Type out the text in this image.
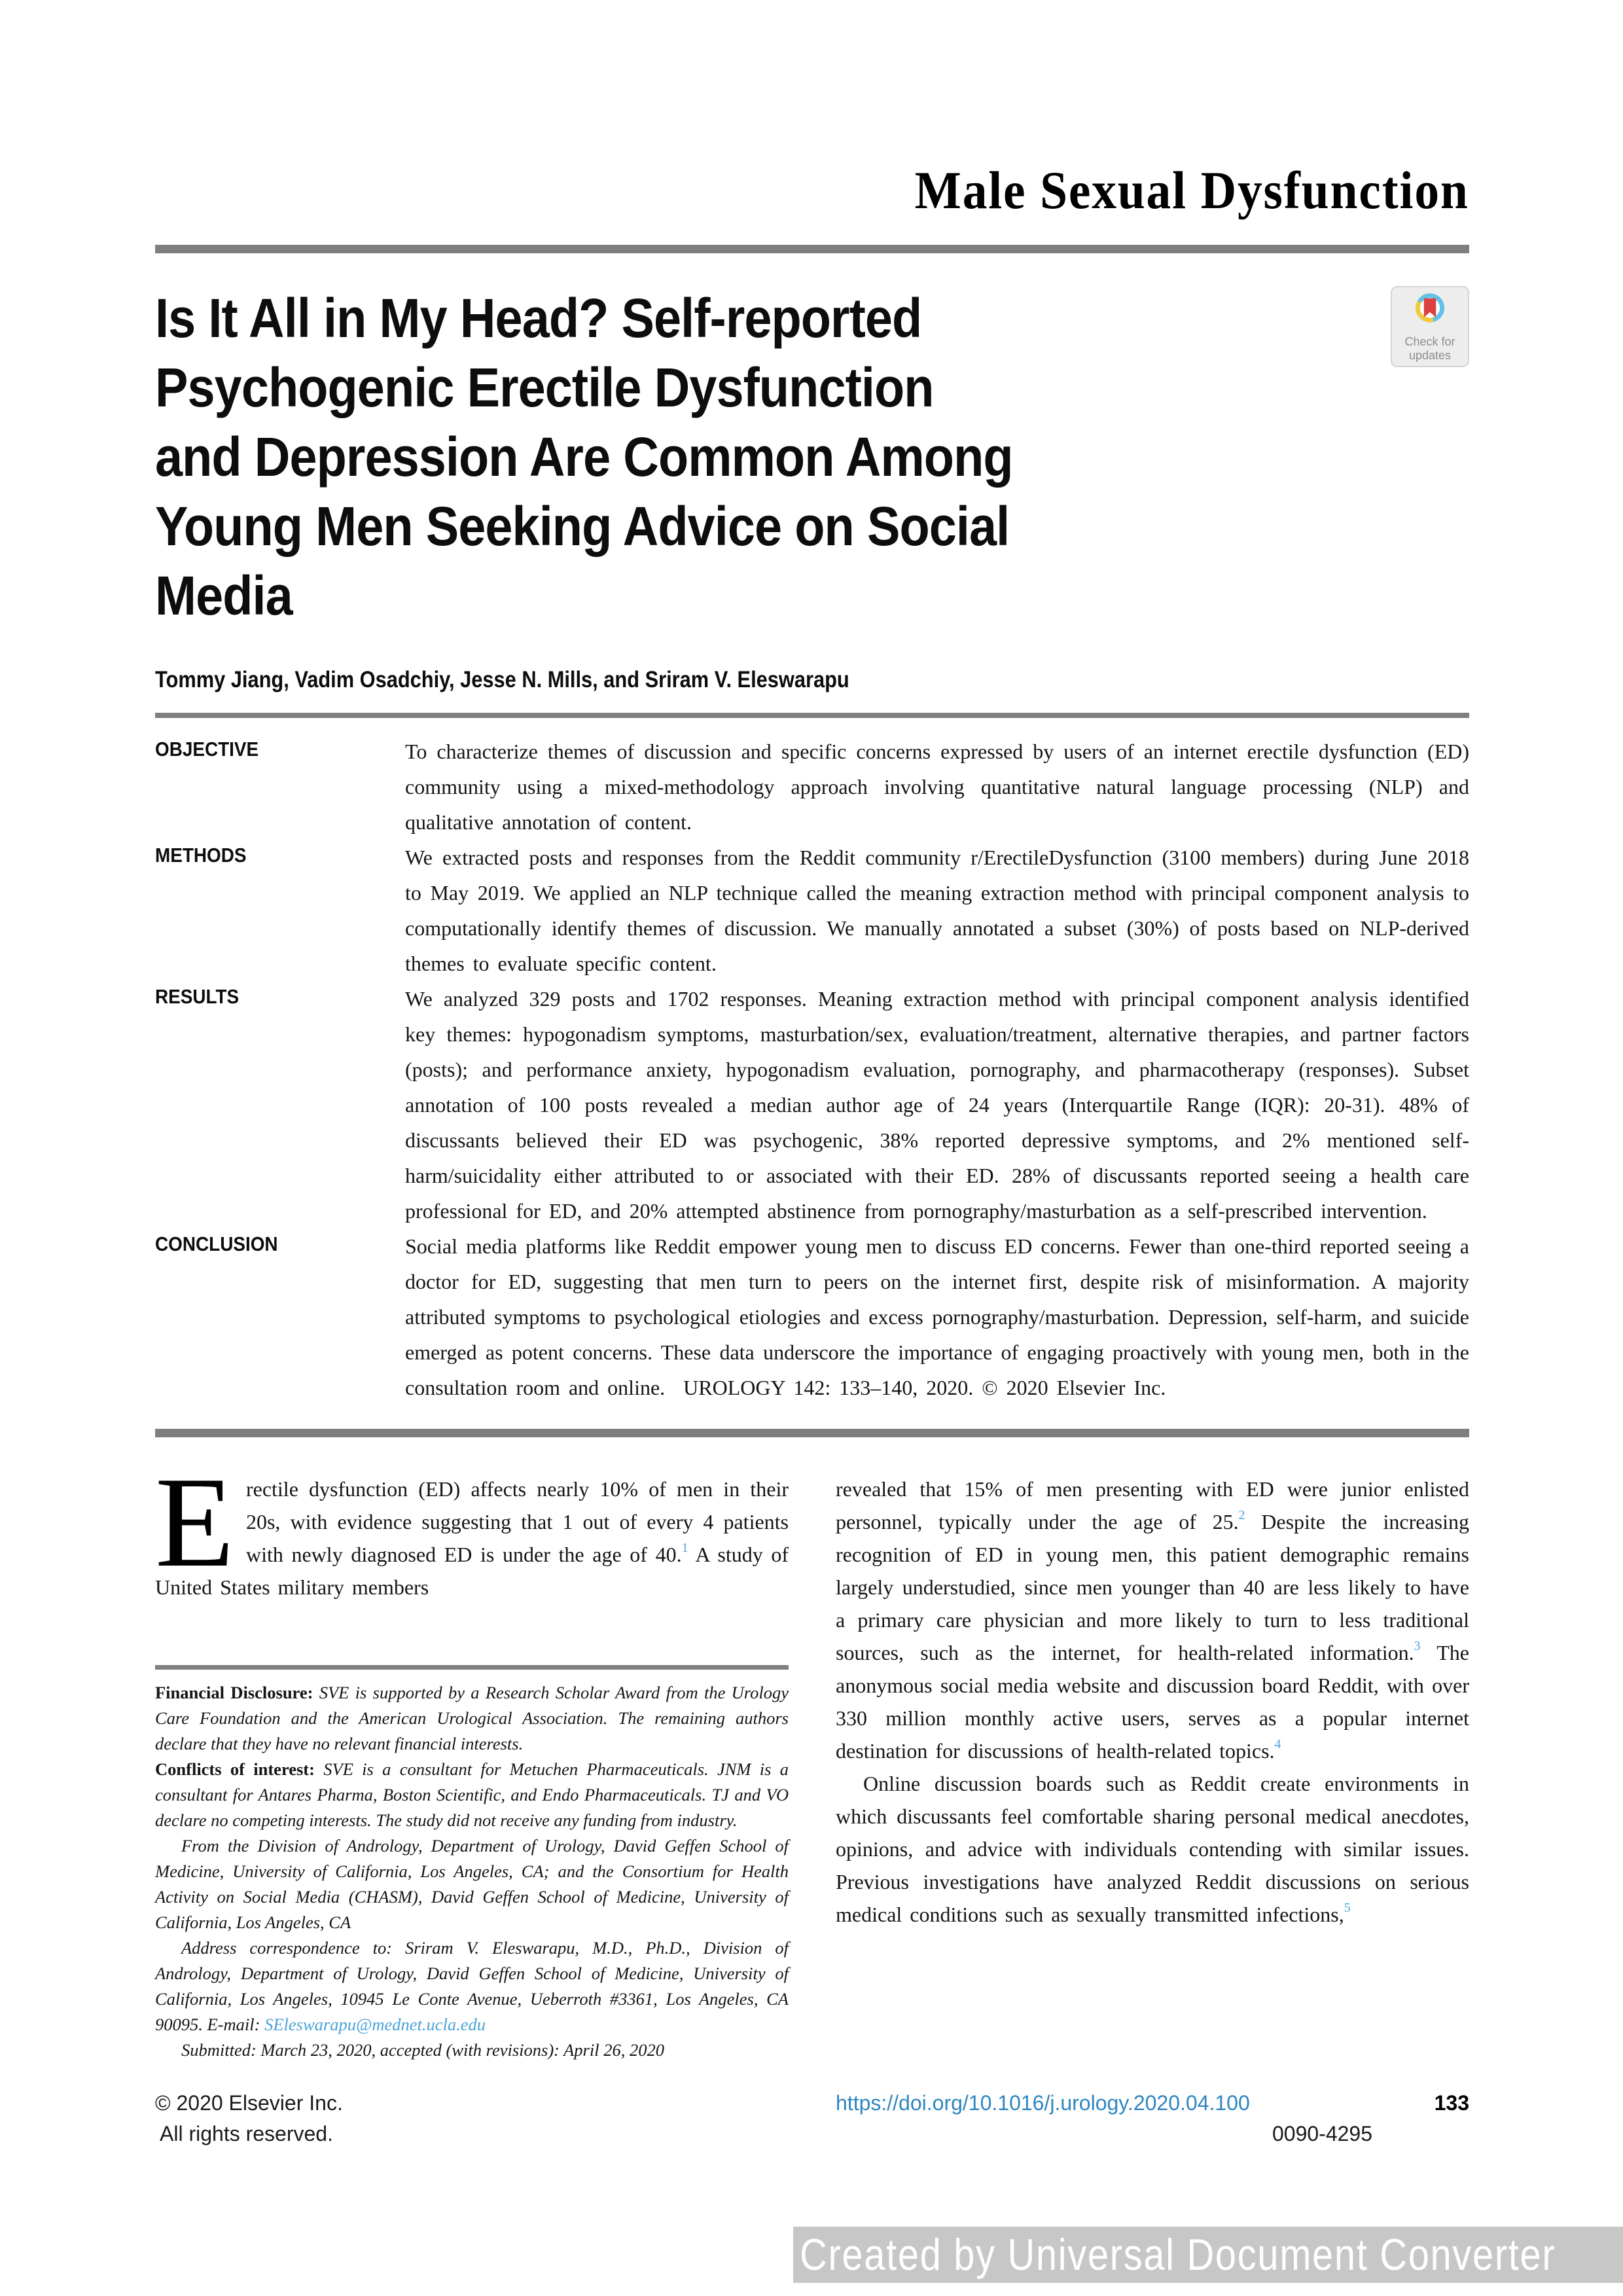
Male Sexual Dysfunction
Is It All in My Head? Self-reported
Psychogenic Erectile Dysfunction
and Depression Are Common Among
Young Men Seeking Advice on Social
Media
Check for
updates
Tommy Jiang, Vadim Osadchiy, Jesse N. Mills, and Sriram V. Eleswarapu
OBJECTIVE	To characterize themes of discussion and specific concerns expressed by users of an internet erectile dysfunction (ED) community using a mixed-methodology approach involving quantitative natural language processing (NLP) and qualitative annotation of content.

METHODS	We extracted posts and responses from the Reddit community r/ErectileDysfunction (3100 members) during June 2018 to May 2019. We applied an NLP technique called the meaning extraction method with principal component analysis to computationally identify themes of discussion. We manually annotated a subset (30%) of posts based on NLP-derived themes to evaluate specific content.

RESULTS	We analyzed 329 posts and 1702 responses. Meaning extraction method with principal component analysis identified key themes: hypogonadism symptoms, masturbation/sex, evaluation/treatment, alternative therapies, and partner factors (posts); and performance anxiety, hypogonadism evaluation, pornography, and pharmacotherapy (responses). Subset annotation of 100 posts revealed a median author age of 24 years (Interquartile Range (IQR): 20-31). 48% of discussants believed their ED was psychogenic, 38% reported depressive symptoms, and 2% mentioned self-harm/suicidality either attributed to or associated with their ED. 28% of discussants reported seeing a health care professional for ED, and 20% attempted abstinence from pornography/masturbation as a self-prescribed intervention.

CONCLUSION	Social media platforms like Reddit empower young men to discuss ED concerns. Fewer than one-third reported seeing a doctor for ED, suggesting that men turn to peers on the internet first, despite risk of misinformation. A majority attributed symptoms to psychological etiologies and excess pornography/masturbation. Depression, self-harm, and suicide emerged as potent concerns. These data underscore the importance of engaging proactively with young men, both in the consultation room and online. UROLOGY 142: 133–140, 2020. © 2020 Elsevier Inc.

Erectile dysfunction (ED) affects nearly 10% of men in their 20s, with evidence suggesting that 1 out of every 4 patients with newly diagnosed ED is under the age of 40.$^1$ A study of United States military members

Financial Disclosure: SVE is supported by a Research Scholar Award from the Urology Care Foundation and the American Urological Association. The remaining authors declare that they have no relevant financial interests.

Conflicts of interest: SVE is a consultant for Metuchen Pharmaceuticals. JNM is a consultant for Antares Pharma, Boston Scientific, and Endo Pharmaceuticals. TJ and VO declare no competing interests. The study did not receive any funding from industry.

From the Division of Andrology, Department of Urology, David Geffen School of Medicine, University of California, Los Angeles, CA; and the Consortium for Health Activity on Social Media (CHASM), David Geffen School of Medicine, University of California, Los Angeles, CA

Address correspondence to: Sriram V. Eleswarapu, M.D., Ph.D., Division of Andrology, Department of Urology, David Geffen School of Medicine, University of California, Los Angeles, 10945 Le Conte Avenue, Ueberroth #3361, Los Angeles, CA 90095. E-mail: SEleswarapu@mednet.ucla.edu

Submitted: March 23, 2020, accepted (with revisions): April 26, 2020

© 2020 Elsevier Inc.
All rights reserved.

revealed that 15% of men presenting with ED were junior enlisted personnel, typically under the age of 25.$^2$ Despite the increasing recognition of ED in young men, this patient demographic remains largely understudied, since men younger than 40 are less likely to have a primary care physician and more likely to turn to less traditional sources, such as the internet, for health-related information.$^3$ The anonymous social media website and discussion board Reddit, with over 330 million monthly active users, serves as a popular internet destination for discussions of health-related topics.$^4$

Online discussion boards such as Reddit create environments in which discussants feel comfortable sharing personal medical anecdotes, opinions, and advice with individuals contending with similar issues. Previous investigations have analyzed Reddit discussions on serious medical conditions such as sexually transmitted infections,$^5$

https://doi.org/10.1016/j.urology.2020.04.100	133
0090-4295
Created by Universal Document Converter
